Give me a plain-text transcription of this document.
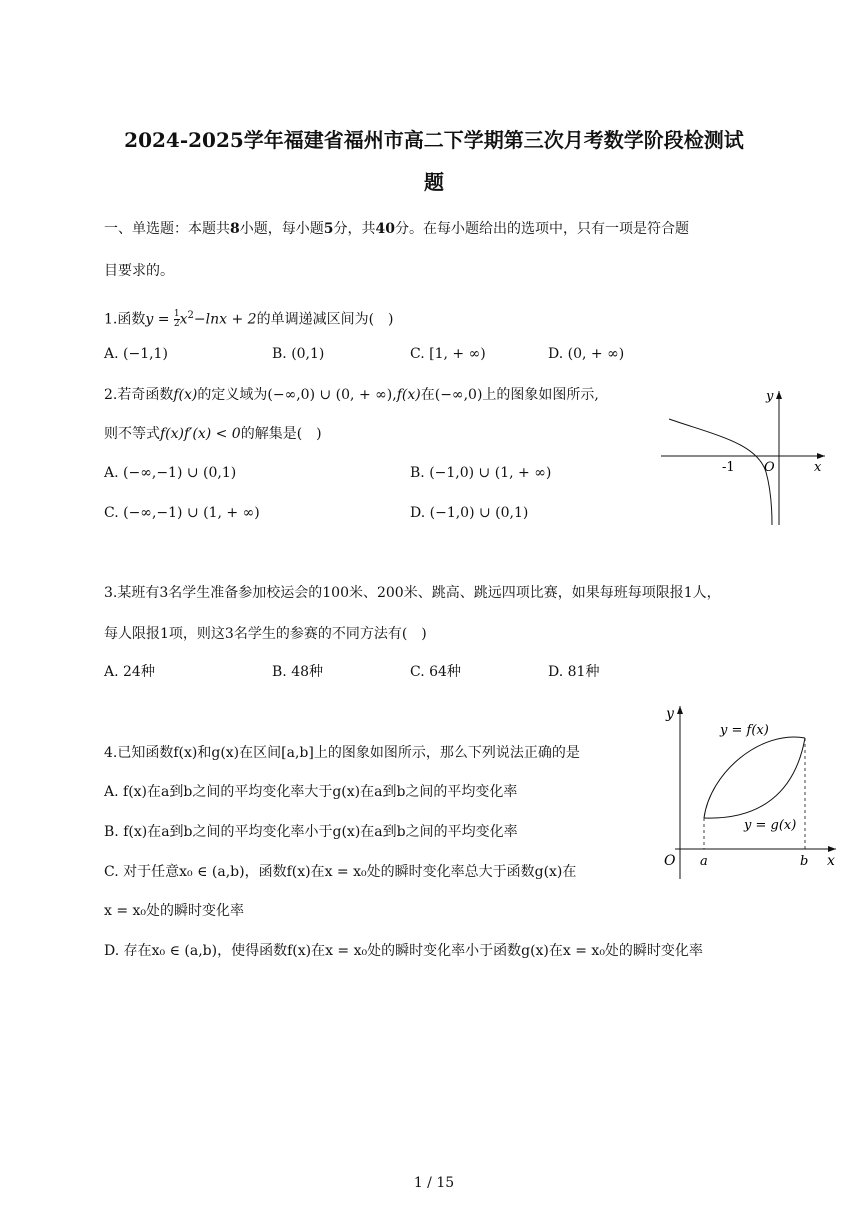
2024-2025学年福建省福州市高二下学期第三次月考数学阶段检测试
题
一、单选题：本题共8小题，每小题5分，共40分。在每小题给出的选项中，只有一项是符合题
目要求的。
1.函数$y = \frac{1}{2} x^2-\ln x + 2$的单调递减区间为(　)
A. (−1,1)	B. (0,1)	C. [1, + ∞)	D. (0, + ∞)
2.若奇函数f(x)的定义域为(−∞,0) ∪ (0, + ∞),f(x)在(−∞,0)上的图象如图所示,
则不等式f(x)f′(x) < 0的解集是(　)
A. (−∞,−1) ∪ (0,1)	B. (−1,0) ∪ (1, + ∞)
C. (−∞,−1) ∪ (1, + ∞)	D. (−1,0) ∪ (0,1)
y
x
O
-1
3.某班有3名学生准备参加校运会的100米、200米、跳高、跳远四项比赛，如果每班每项限报1人，
每人限报1项，则这3名学生的参赛的不同方法有(　)
A. 24种	B. 48种	C. 64种	D. 81种
y
x
O a	b
y = f(x)
y = g(x)
4.已知函数f(x)和g(x)在区间[a,b]上的图象如图所示，那么下列说法正确的是
A. f(x)在a到b之间的平均变化率大于g(x)在a到b之间的平均变化率
B. f(x)在a到b之间的平均变化率小于g(x)在a到b之间的平均变化率
C. 对于任意x₀ ∈ (a,b)，函数f(x)在x = x₀处的瞬时变化率总大于函数g(x)在
x = x₀处的瞬时变化率
D. 存在x₀ ∈ (a,b)，使得函数f(x)在x = x₀处的瞬时变化率小于函数g(x)在x = x₀处的瞬时变化率
1 / 15
